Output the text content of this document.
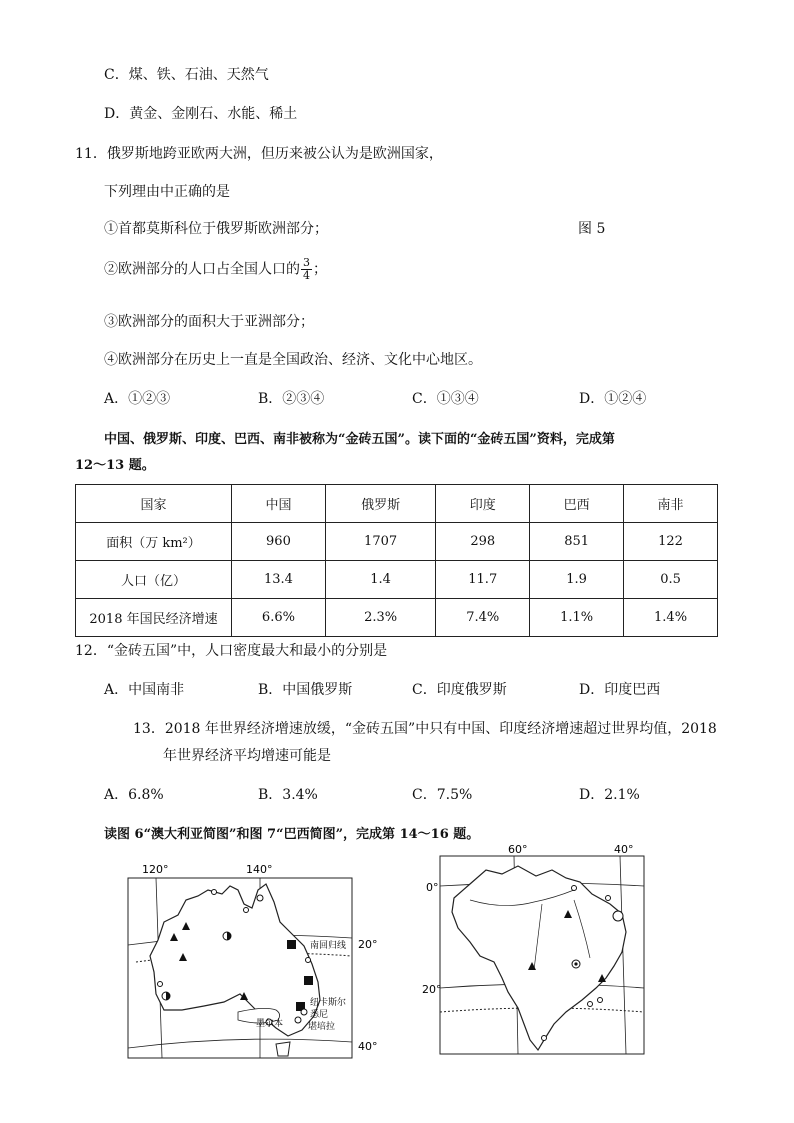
C．煤、铁、石油、天然气
D．黄金、金刚石、水能、稀土
11．俄罗斯地跨亚欧两大洲，但历来被公认为是欧洲国家，
下列理由中正确的是
①首都莫斯科位于俄罗斯欧洲部分；	图 5
②欧洲部分的人口占全国人口的 $\frac{3}{4}$ ；
③欧洲部分的面积大于亚洲部分；
④欧洲部分在历史上一直是全国政治、经济、文化中心地区。
A．①②③	B．②③④	C．①③④	D．①②④
中国、俄罗斯、印度、巴西、南非被称为“金砖五国”。读下面的“金砖五国”资料，完成第
12～13 题。
国家	中国	俄罗斯	印度	巴西	南非
面积（万 km²）	960	1707	298	851	122
人口（亿）	13.4	1.4	11.7	1.9	0.5
2018 年国民经济增速	6.6%	2.3%	7.4%	1.1%	1.4%
12．“金砖五国”中，人口密度最大和最小的分别是
A．中国南非	B．中国俄罗斯	C．印度俄罗斯	D．印度巴西
13．2018 年世界经济增速放缓，“金砖五国”中只有中国、印度经济增速超过世界均值，2018
年世界经济平均增速可能是
A．6.8%	B．3.4%	C．7.5%	D．2.1%
读图 6“澳大利亚简图”和图 7“巴西简图”，完成第 14～16 题。
120°	140°
20°
40°
南回归线
纽卡斯尔
悉尼
堪培拉
墨尔本
60°	40°
0°
20°
